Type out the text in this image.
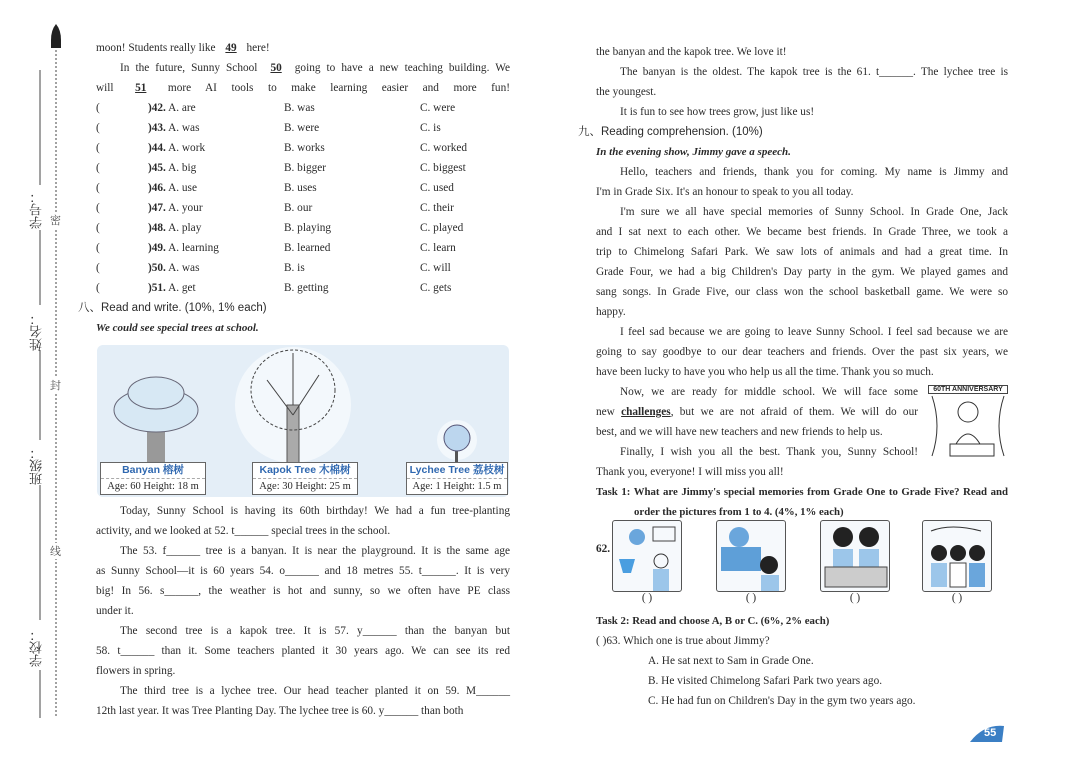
学号：
姓名：
班级：
学校：
密
封
线
moon! Students really like 49 here!
In the future, Sunny School 50 going to have a new teaching building. We
will 51 more AI tools to make learning easier and more fun!
(	)42. A. are	B. was	C. were
(	)43. A. was	B. were	C. is
(	)44. A. work	B. works	C. worked
(	)45. A. big	B. bigger	C. biggest
(	)46. A. use	B. uses	C. used
(	)47. A. your	B. our	C. their
(	)48. A. play	B. playing	C. played
(	)49. A. learning	B. learned	C. learn
(	)50. A. was	B. is	C. will
(	)51. A. get	B. getting	C. gets
八、Read and write. (10%, 1% each)
We could see special trees at school.
Banyan 榕树
Age: 60 Height: 18 m
Kapok Tree 木棉树
Age: 30 Height: 25 m
Lychee Tree 荔枝树
Age: 1 Height: 1.5 m
Today, Sunny School is having its 60th birthday! We had a fun tree-planting
activity, and we looked at 52. t______ special trees in the school.
The 53. f______ tree is a banyan. It is near the playground. It is the same age
as Sunny School—it is 60 years 54. o______ and 18 metres 55. t______. It is very
big! In 56. s______, the weather is hot and sunny, so we often have PE class
under it.
The second tree is a kapok tree. It is 57. y______ than the banyan but
58. t______ than it. Some teachers planted it 30 years ago. We can see its red
flowers in spring.
The third tree is a lychee tree. Our head teacher planted it on 59. M______
12th last year. It was Tree Planting Day. The lychee tree is 60. y______ than both
the banyan and the kapok tree. We love it!
The banyan is the oldest. The kapok tree is the 61. t______. The lychee tree is
the youngest.
It is fun to see how trees grow, just like us!
九、Reading comprehension. (10%)
In the evening show, Jimmy gave a speech.
Hello, teachers and friends, thank you for coming. My name is Jimmy and
I'm in Grade Six. It's an honour to speak to you all today.
I'm sure we all have special memories of Sunny School. In Grade One, Jack
and I sat next to each other. We became best friends. In Grade Three, we took a
trip to Chimelong Safari Park. We saw lots of animals and had a great time. In
Grade Four, we had a big Children's Day party in the gym. We played games and
sang songs. In Grade Five, our class won the school basketball game. We were so
happy.
I feel sad because we are going to leave Sunny School. I feel sad because we are
going to say goodbye to our dear teachers and friends. Over the past six years, we
have been lucky to have you who help us all the time. Thank you so much.
Now, we are ready for middle school. We will face some
new challenges, but we are not afraid of them. We will do our
best, and we will have new teachers and new friends to help us.
Finally, I wish you all the best. Thank you, Sunny School!
Thank you, everyone! I will miss you all!
Task 1: What are Jimmy's special memories from Grade One to Grade Five? Read and
order the pictures from 1 to 4. (4%, 1% each)
60TH ANNIVERSARY
62.
( )	( )	( )	( )
Task 2: Read and choose A, B or C. (6%, 2% each)
( )63. Which one is true about Jimmy?
A. He sat next to Sam in Grade One.
B. He visited Chimelong Safari Park two years ago.
C. He had fun on Children's Day in the gym two years ago.
55
